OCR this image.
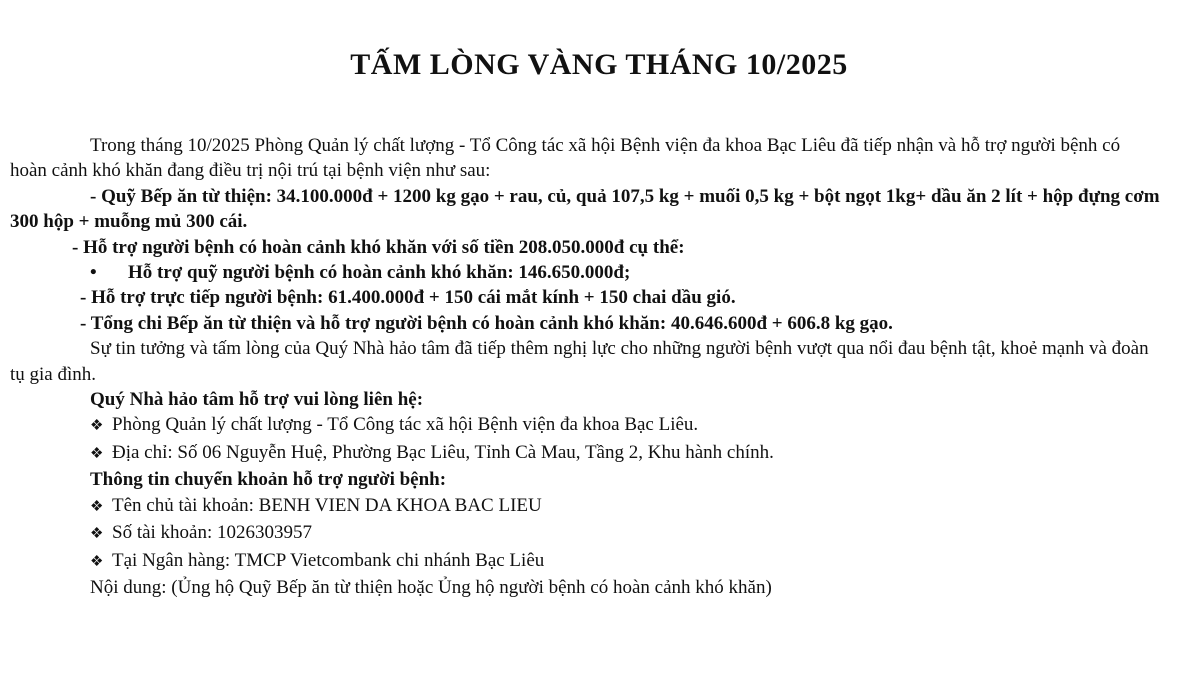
TẤM LÒNG VÀNG THÁNG 10/2025

Trong tháng 10/2025 Phòng Quản lý chất lượng - Tổ Công tác xã hội Bệnh viện đa khoa Bạc Liêu đã tiếp nhận và hỗ trợ người bệnh có hoàn cảnh khó khăn đang điều trị nội trú tại bệnh viện như sau:

- Quỹ Bếp ăn từ thiện: 34.100.000đ + 1200 kg gạo + rau, củ, quả 107,5 kg + muối 0,5 kg + bột ngọt 1kg+ dầu ăn 2 lít + hộp đựng cơm 300 hộp + muỗng mủ 300 cái.

- Hỗ trợ người bệnh có hoàn cảnh khó khăn với số tiền 208.050.000đ cụ thể:

•	Hỗ trợ quỹ người bệnh có hoàn cảnh khó khăn: 146.650.000đ;

- Hỗ trợ trực tiếp người bệnh: 61.400.000đ + 150 cái mắt kính + 150 chai dầu gió.

- Tổng chi Bếp ăn từ thiện và hỗ trợ người bệnh có hoàn cảnh khó khăn: 40.646.600đ + 606.8 kg gạo.

Sự tin tưởng và tấm lòng của Quý Nhà hảo tâm đã tiếp thêm nghị lực cho những người bệnh vượt qua nổi đau bệnh tật, khoẻ mạnh và đoàn tụ gia đình.

Quý Nhà hảo tâm hỗ trợ vui lòng liên hệ:

❖ Phòng Quản lý chất lượng - Tổ Công tác xã hội Bệnh viện đa khoa Bạc Liêu.
❖ Địa chỉ: Số 06 Nguyễn Huệ, Phường Bạc Liêu, Tỉnh Cà Mau, Tầng 2, Khu hành chính.

Thông tin chuyển khoản hỗ trợ người bệnh:

❖ Tên chủ tài khoản: BENH VIEN DA KHOA BAC LIEU
❖ Số tài khoản: 1026303957
❖ Tại Ngân hàng: TMCP Vietcombank chi nhánh Bạc Liêu

Nội dung: (Ủng hộ Quỹ Bếp ăn từ thiện hoặc Ủng hộ người bệnh có hoàn cảnh khó khăn)
